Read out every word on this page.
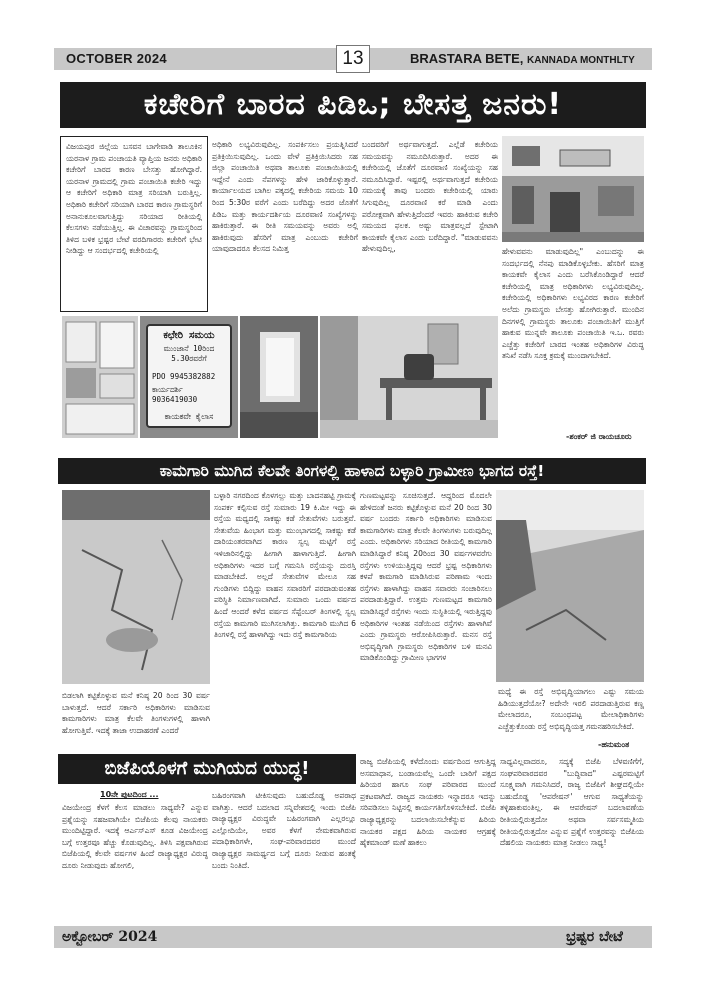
OCTOBER 2024	13	BRASTARA BETE, KANNADA MONTHLTY
ಕಚೇರಿಗೆ ಬಾರದ ಪಿಡಿಒ; ಬೇಸತ್ತ ಜನರು!
ವಿಜಯಪುರ ಜಿಲ್ಲೆಯ ಬಸವನ ಬಾಗೇವಾಡಿ ತಾಲೂಕಿನ ಯರನಾಳ ಗ್ರಾಮ ಪಂಚಾಯತಿ ವ್ಯಾಪ್ತಿಯ ಜನರು ಅಧಿಕಾರಿ ಕಚೇರಿಗೆ ಬಾರದ ಕಾರಣ ಬೇಸತ್ತು ಹೋಗಿದ್ದಾರೆ. ಯರನಾಳ ಗ್ರಾಮದಲ್ಲಿ ಗ್ರಾಮ ಪಂಚಾಯಿತಿ ಕಚೇರಿ ಇದ್ದು ಆ ಕಚೇರಿಗೆ ಅಧಿಕಾರಿ ಮಾತ್ರ ಸರಿಯಾಗಿ ಬರುತ್ತಿಲ್ಲ. ಅಧಿಕಾರಿ ಕಚೇರಿಗೆ ಸರಿಯಾಗಿ ಬಾರದ ಕಾರಣ ಗ್ರಾಮಸ್ಥರಿಗೆ ಅನಾನುಕೂಲವಾಗುತ್ತಿದ್ದು ಸರಿಯಾದ ರೀತಿಯಲ್ಲಿ ಕೆಲಸಗಳು ನಡೆಯುತ್ತಿಲ್ಲ. ಈ ವಿಚಾರವನ್ನು ಗ್ರಾಮಸ್ಥರಿಂದ ತಿಳಿದ ಬಳಿಕ ಭ್ರಷ್ಟರ ಬೇಟೆ ವರದಿಗಾರರು ಕಚೇರಿಗೆ ಭೇಟಿ ನೀಡಿದ್ದು ಆ ಸಂದರ್ಭದಲ್ಲಿ ಕಚೇರಿಯಲ್ಲಿ
ಅಧಿಕಾರಿ ಲಭ್ಯವಿರುವುದಿಲ್ಲ. ಸಂಪರ್ಕಿಸಲು ಪ್ರಯತ್ನಿಸಿದರೆ ಪ್ರತಿಕ್ರಿಯಿಸುವುದಿಲ್ಲ. ಒಂದು ವೇಳೆ ಪ್ರತಿಕ್ರಿಯಿಸಿದರು ಸಹ ಜಿಲ್ಲಾ ಪಂಚಾಯಿತಿ ಅಥವಾ ತಾಲೂಕು ಪಂಚಾಯಿತಿಯಲ್ಲಿ ಇದ್ದೇನೆ ಎಂದು ನೆಪಗಳನ್ನು ಹೇಳಿ ಜಾರಿಕೊಳ್ಳುತ್ತಾರೆ. ಕಾರ್ಯಾಲಯದ ಬಾಗಿಲ ಪಕ್ಕದಲ್ಲಿ ಕಚೇರಿಯ ಸಮಯ 10 ರಿಂದ 5:30ರ ವರೆಗೆ ಎಂದು ಬರೆದಿದ್ದು ಅದರ ಜೊತೆಗೆ ಪಿಡಿಒ ಮತ್ತು ಕಾರ್ಯದರ್ಶಿಯ ದೂರವಾಣಿ ಸಂಖ್ಯೆಗಳನ್ನು ಹಾಕಿರುತ್ತಾರೆ. ಈ ರೀತಿ ಸಮಯವನ್ನು ಅವರು ಅಲ್ಲಿ ಹಾಕಿರುವುದು ಹೆಸರಿಗೆ ಮಾತ್ರ ಎಂಬುದು ಕಚೇರಿಗೆ ಯಾವುದಾದರೂ ಕೆಲಸದ ನಿಮಿತ್ತ
ಬಂದವರಿಗೆ ಅರ್ಥವಾಗುತ್ತದೆ. ಎಲ್ಲೆಡೆ ಕಚೇರಿಯ ಸಮಯವನ್ನು ನಮೂದಿಸಿರುತ್ತಾರೆ. ಅದರ ಈ ಕಚೇರಿಯಲ್ಲಿ ಜೊತೆಗೆ ದೂರವಾಣಿ ಸಂಖ್ಯೆಯನ್ನು ಸಹ ನಮೂದಿಸಿದ್ದಾರೆ. ಇಷ್ಟರಲ್ಲಿ ಅರ್ಥವಾಗುತ್ತದೆ ಕಚೇರಿಯ ಸಮಯಕ್ಕೆ ತಾವು ಬಂದರು ಕಚೇರಿಯಲ್ಲಿ ಯಾರು ಸಿಗುವುದಿಲ್ಲ ದೂರವಾಣಿ ಕರೆ ಮಾಡಿ ಎಂದು ಪರೋಕ್ಷವಾಗಿ ಹೇಳುತ್ತಿದೆಂದರೆ ಇವರು ಹಾಕಿರುವ ಕಚೇರಿ ಸಮಯದ ಫಲಕ. ಅಷ್ಟು ಮಾತ್ರವಲ್ಲದೆ ಸ್ಟೇಟಾಗಿ ಕಾಯಕವೇ ಕೈಲಾಸ ಎಂದು ಬರೆದಿದ್ದಾರೆ. "ಮಾಡುವವನು ಹೇಳುವುದಿಲ್ಲ,	ಹೇಳುವವನು ಮಾಡುವುದಿಲ್ಲ" ಎಂಬುದನ್ನು ಈ ಸಂದರ್ಭದಲ್ಲಿ ನೆನಪು ಮಾಡಿಕೊಳ್ಳಬೇಕು. ಹೆಸರಿಗೆ ಮಾತ್ರ ಕಾಯಕವೇ ಕೈಲಾಸ ಎಂದು ಬರೆಸಿಕೊಂಡಿದ್ದಾರೆ ಆದರೆ ಕಚೇರಿಯಲ್ಲಿ ಮಾತ್ರ ಅಧಿಕಾರಿಗಳು ಲಭ್ಯವಿರುವುದಿಲ್ಲ. ಕಚೇರಿಯಲ್ಲಿ ಅಧಿಕಾರಿಗಳು ಲಭ್ಯವಿರದ ಕಾರಣ ಕಚೇರಿಗೆ ಅಲೆದು ಗ್ರಾಮಸ್ಥರು ಬೇಸತ್ತು ಹೋಗಿರುತ್ತಾರೆ. ಮುಂದಿನ ದಿನಗಳಲ್ಲಿ ಗ್ರಾಮಸ್ಥರು ತಾಲೂಕು ಪಂಚಾಯಿತಿಗೆ ಮುತ್ತಿಗೆ ಹಾಕುವ ಮುನ್ನವೇ ತಾಲೂಕು ಪಂಚಾಯಿತಿ ಇ.ಒ. ರವರು ಎಚ್ಚೆತ್ತು ಕಚೇರಿಗೆ ಬಾರದ ಇಂತಹ ಅಧಿಕಾರಿಗಳ ವಿರುದ್ಧ ತನಿಖೆ ನಡೆಸಿ ಸೂಕ್ತ ಕ್ರಮಕ್ಕೆ ಮುಂದಾಗಬೇಕಿದೆ.
ಕಛೇರಿ ಸಮಯ
ಮುಂಜಾನೆ 10ರಿಂದ 5.30ರವರೆಗೆ
PDO 9945382882
ಕಾರ್ಯದರ್ಶಿ 9036419030
ಕಾಯಕವೇ ಕೈಲಾಸ
-ಶಂಕರ್ ಜಿ ರಾಯಚೂರು
ಕಾಮಗಾರಿ ಮುಗಿದ ಕೆಲವೇ ತಿಂಗಳಲ್ಲಿ ಹಾಳಾದ ಬಳ್ಳಾರಿ ಗ್ರಾಮೀಣ ಭಾಗದ ರಸ್ತೆ!
ಬಿಡಲಾಗಿ ಕಟ್ಟಿಕೊಳ್ಳುವ ಮನೆ ಕನಿಷ್ಠ 20 ರಿಂದ 30 ವರ್ಷ ಬಾಳುತ್ತದೆ. ಆದರೆ ಸರ್ಕಾರಿ ಅಧಿಕಾರಿಗಳು ಮಾಡಿಸುವ ಕಾಮಗಾರಿಗಳು ಮಾತ್ರ ಕೆಲವೇ ತಿಂಗಳುಗಳಲ್ಲಿ ಹಾಳಾಗಿ ಹೋಗುತ್ತಿವೆ. ಇದಕ್ಕೆ ತಾಜಾ ಉದಾಹರಣೆ ಎಂದರೆ
ಬಳ್ಳಾರಿ ನಗರದಿಂದ ಕೊಳಗಲ್ಲು ಮತ್ತು ಬಾದನಹಟ್ಟಿ ಗ್ರಾಮಕ್ಕೆ ಸಂಪರ್ಕ ಕಲ್ಪಿಸುವ ರಸ್ತೆ ಸುಮಾರು 19 ಕಿ.ಮೀ ಇದ್ದು ಈ ರಸ್ತೆಯ ಮಧ್ಯದಲ್ಲಿ ಸಾಕಷ್ಟು ಕಡೆ ಸೇತುವೆಗಳು ಬರುತ್ತವೆ. ಸೇತುವೆಯ ಹಿಂಭಾಗ ಮತ್ತು ಮುಂಭಾಗದಲ್ಲಿ ಸಾಕಷ್ಟು ಕಡೆ ದಾರಿಯಂತರವಾಗಿದ ಕಾರಣ ಸ್ವಲ್ಪ ಮಟ್ಟಿಗೆ ರಸ್ತೆ ಇಳಿಜಾರಿನಲ್ಲಿದ್ದು ಹೀಗಾಗಿ ಹಾಳಾಗುತ್ತಿದೆ. ಹೀಗಾಗಿ ಅಧಿಕಾರಿಗಳು ಇದರ ಬಗ್ಗೆ ಗಮನಿಸಿ ರಸ್ತೆಯನ್ನು ದುರಸ್ತಿ ಮಾಡಬೇಕಿದೆ. ಅಲ್ಲದೆ ಸೇತುವೆಗಳ ಮೇಲೂ ಸಹ ಗುಂಡಿಗಳು ಬಿದ್ದಿದ್ದು ವಾಹನ ಸವಾರರಿಗೆ ಪರದಾಡುವಂತಹ ಪರಿಸ್ಥಿತಿ ನಿರ್ಮಾಣವಾಗಿದೆ. ಸುಮಾರು ಒಂದು ವರ್ಷದ ಹಿಂದೆ ಆಂದರೆ ಕಳೆದ ವರ್ಷದ ಸೆಪ್ಟೆಂಬರ್ ತಿಂಗಳಲ್ಲಿ ಸ್ವಲ್ಪ ರಸ್ತೆಯ ಕಾಮಗಾರಿ ಮುಗಿಸಲಾಗಿತ್ತು. ಕಾಮಗಾರಿ ಮುಗಿದ 6 ತಿಂಗಳಲ್ಲಿ ರಸ್ತೆ ಹಾಳಾಗಿದ್ದು ಇದು ರಸ್ತೆ ಕಾಮಗಾರಿಯ
ಗುಣಮಟ್ಟವನ್ನು ಸೂಚಿಸುತ್ತದೆ. ಆದ್ದರಿಂದ ಮೊದಲೇ ಹೇಳಿದಂತೆ ಜನರು ಕಟ್ಟಿಕೊಳ್ಳುವ ಮನೆ 20 ರಿಂದ 30 ವರ್ಷ ಬಂದರು ಸರ್ಕಾರಿ ಅಧಿಕಾರಿಗಳು ಮಾಡಿಸುವ ಕಾಮಗಾರಿಗಳು ಮಾತ್ರ ಕೆಲವೇ ತಿಂಗಳುಗಳು ಬರುವುದಿಲ್ಲ ಎಂದು. ಅಧಿಕಾರಿಗಳು ಸರಿಯಾದ ರೀತಿಯಲ್ಲಿ ಕಾಮಗಾರಿ ಮಾಡಿಸಿದ್ದಾರೆ ಕನಿಷ್ಠ 20ರಿಂದ 30 ವರ್ಷಗಳವರೆಗು ರಸ್ತೆಗಳು ಉಳಿಯುತ್ತಿದ್ದವು ಆದರೆ ಭ್ರಷ್ಟ ಅಧಿಕಾರಿಗಳು ಕಳಪೆ ಕಾಮಗಾರಿ ಮಾಡಿಸಿರುವ ಪರಿಣಾಮ ಇಂದು ರಸ್ತೆಗಳು ಹಾಳಾಗಿದ್ದು ವಾಹನ ಸವಾರರು ಸಂಚಾರಿಸಲು ಪರದಾಡುತ್ತಿದ್ದಾರೆ. ಉತ್ತಮ ಗುಣಮಟ್ಟದ ಕಾಮಗಾರಿ ಮಾಡಿಸಿದ್ದರೆ ರಸ್ತೆಗಳು ಇಂದು ಸುಸ್ಥಿತಿಯಲ್ಲಿ ಇರುತ್ತಿದ್ದವು ಅಧಿಕಾರಿಗಳ ಇಂತಹ ನಡೆಯಿಂದ ರಸ್ತೆಗಳು ಹಾಳಾಗಿವೆ ಎಂದು ಗ್ರಾಮಸ್ಥರು ಆರೋಪಿಸಿರುತ್ತಾರೆ. ಮನಸ ರಸ್ತೆ ಅಭಿವೃದ್ಧಿಗಾಗಿ ಗ್ರಾಮಸ್ಥರು ಅಧಿಕಾರಿಗಳ ಬಳಿ ಮನವಿ ಮಾಡಿಕೊಂಡಿದ್ದು ಗ್ರಾಮೀಣ ಭಾಗಗಳ
ಮಧ್ಯೆ ಈ ರಸ್ತೆ ಅಭಿವೃದ್ಧಿಯಾಗಲು ಎಷ್ಟು ಸಮಯ ಹಿಡಿಯುತ್ತದೆಯೋ? ಅದೇನೇ ಇರಲಿ ಪರದಾಡುತ್ತಿರುವ ಕಣ್ಣ ಮೇಲಾದರೂ, ಸಂಬಂಧಪಟ್ಟ ಮೇಲಾಧಿಕಾರಿಗಳು ಎಚ್ಚೆತ್ತುಕೊಂಡು ರಸ್ತೆ ಅಭಿವೃದ್ಧಿಯತ್ತ ಗಮನಹರಿಸಬೇಕಿದೆ.
-ಹನುಮಂತ
ಬಿಜೆಪಿಯೊಳಗೆ ಮುಗಿಯದ ಯುದ್ಧ!
10ನೇ ಪುಟದಿಂದ ...
ವಿಜಯೇಂದ್ರ ಕೆಳಗೆ ಕೆಲಸ ಮಾಡಲು ಸಾಧ್ಯವೇ? ಎನ್ನುವ ಪ್ರಶ್ನೆಯನ್ನು ಸಹಜವಾಗಿಯೇ ಬಿಜೆಪಿಯ ಕೆಲವು ನಾಯಕರು ಮುಂದಿಟ್ಟಿದ್ದಾರೆ. ಇದಕ್ಕೆ ಆರ್ಎಸ್ಎಸ್ ಕೂಡ ವಿಜಯೇಂದ್ರ ಬಗ್ಗೆ ಉತ್ತರವೂ ಹೆಚ್ಚು ಕೊಡುವುದಿಲ್ಲ. ತಿಳಿಸಿ ಪಕ್ಷವಾಗಿರುವ ಬಿಜೆಪಿಯಲ್ಲಿ ಕೆಲವೇ ವರ್ಷಗಳ ಹಿಂದೆ ರಾಜ್ಯಾಧ್ಯಕ್ಷರ ವಿರುದ್ಧ ದೂರು ನೀಡುವುದು ಹೋಗಲಿ,
ಬಹಿರಂಗವಾಗಿ ಟೀಕಿಸುವುದು ಬಹುದೊಡ್ಡ ಅಪರಾಧ ವಾಗಿತ್ತು. ಆದರೆ ಬದಲಾದ ಸನ್ನಿವೇಶದಲ್ಲಿ ಇಂದು ಬಿಜೆಪಿ ರಾಜ್ಯಾಧ್ಯಕ್ಷರ ವಿರುದ್ಧವೇ ಬಹಿರಂಗವಾಗಿ ಎಲ್ಲರಲ್ಲೂ ಎಲ್ಲೋದಿಯೇ, ಅವರ ಕೆಳಗೆ ನೇಮಕವಾಗಿರುವ ಪದಾಧಿಕಾರಿಗಳೇ, ಸಂಘ-ಪರಿವಾರದವರ ಮುಂದೆ ರಾಜ್ಯಾಧ್ಯಕ್ಷರ ಸಾಮರ್ಥ್ಯದ ಬಗ್ಗೆ ದೂರು ನೀಡುವ ಹಂತಕ್ಕೆ ಬಂದು ನಿಂತಿದೆ.
ರಾಜ್ಯ ಬಿಜೆಪಿಯಲ್ಲಿ ಕಳೆದೊಂದು ವರ್ಷದಿಂದ ಆಗುತ್ತಿದ್ದ ಅಸಮಾಧಾನ, ಬಂಡಾಯವೆಲ್ಲ ಒಂದೇ ಬಾರಿಗೆ ಪಕ್ಷದ ಹಿರಿಯರ ಹಾಗೂ ಸಂಘ ಪರಿವಾರದ ಮುಂದೆ ಪ್ರಕಟವಾಗಿದೆ. ರಾಜ್ಯದ ನಾಯಕರು ಇನ್ನಾದರೂ ಇದನ್ನು ಸರಿಪಡಿಸಲು ನಿಟ್ಟಿನಲ್ಲಿ ಕಾರ್ಯಗತಿಗೊಳಿಸಬೇಕಿದೆ. ಬಿಜೆಪಿ ರಾಜ್ಯಾಧ್ಯಕ್ಷರನ್ನು ಬದಲಾಯಿಸಬೇಕೆನ್ನುವ ಹಿರಿಯ ನಾಯಕರ ಪಕ್ಷದ ಹಿರಿಯ ನಾಯಕರ ಆಗ್ರಹಕ್ಕೆ ಹೈಕಮಾಂಡ್ ಮಣೆ ಹಾಕಲು
ಸಾಧ್ಯವಿಲ್ಲವಾದರೂ, ಸದ್ಯಕ್ಕೆ ಬಿಜೆಪಿ ಬೆಳವಣಿಗೆಗೆ, ಸಂಘಪರಿವಾರದವರ "ಬುದ್ಧಿವಾದ" ಎಷ್ಟರಮಟ್ಟಿಗೆ ಸೂಕ್ಷ್ಮವಾಗಿ ಗಮನಿಸಿದರೆ, ರಾಜ್ಯ ಬಿಜೆಪಿಗೆ ಶೀಘ್ರದಲ್ಲಿಯೇ ಬಹುದೊಡ್ಡ 'ಆಪರೇಷನ್' ಆಗುವ ಸಾಧ್ಯತೆಯನ್ನು ತಳ್ಳಿಹಾಕುವಂತಿಲ್ಲ. ಈ ಆಪರೇಷನ್ ಬದಲಾವಣೆಯ ರೀತಿಯಲ್ಲಿರುತ್ತದೋ ಅಥವಾ ಸರ್ವಸಮ್ಮತಿಯ ರೀತಿಯಲ್ಲಿರುತ್ತದೋ ಎನ್ನುವ ಪ್ರಶ್ನೆಗೆ ಉತ್ತರವನ್ನು ಬಿಜೆಪಿಯ ದೆಹಲಿಯ ನಾಯಕರು ಮಾತ್ರ ನೀಡಲು ಸಾಧ್ಯ!
ಅಕ್ಟೋಬರ್ 2024	ಭ್ರಷ್ಟರ ಬೇಟೆ
